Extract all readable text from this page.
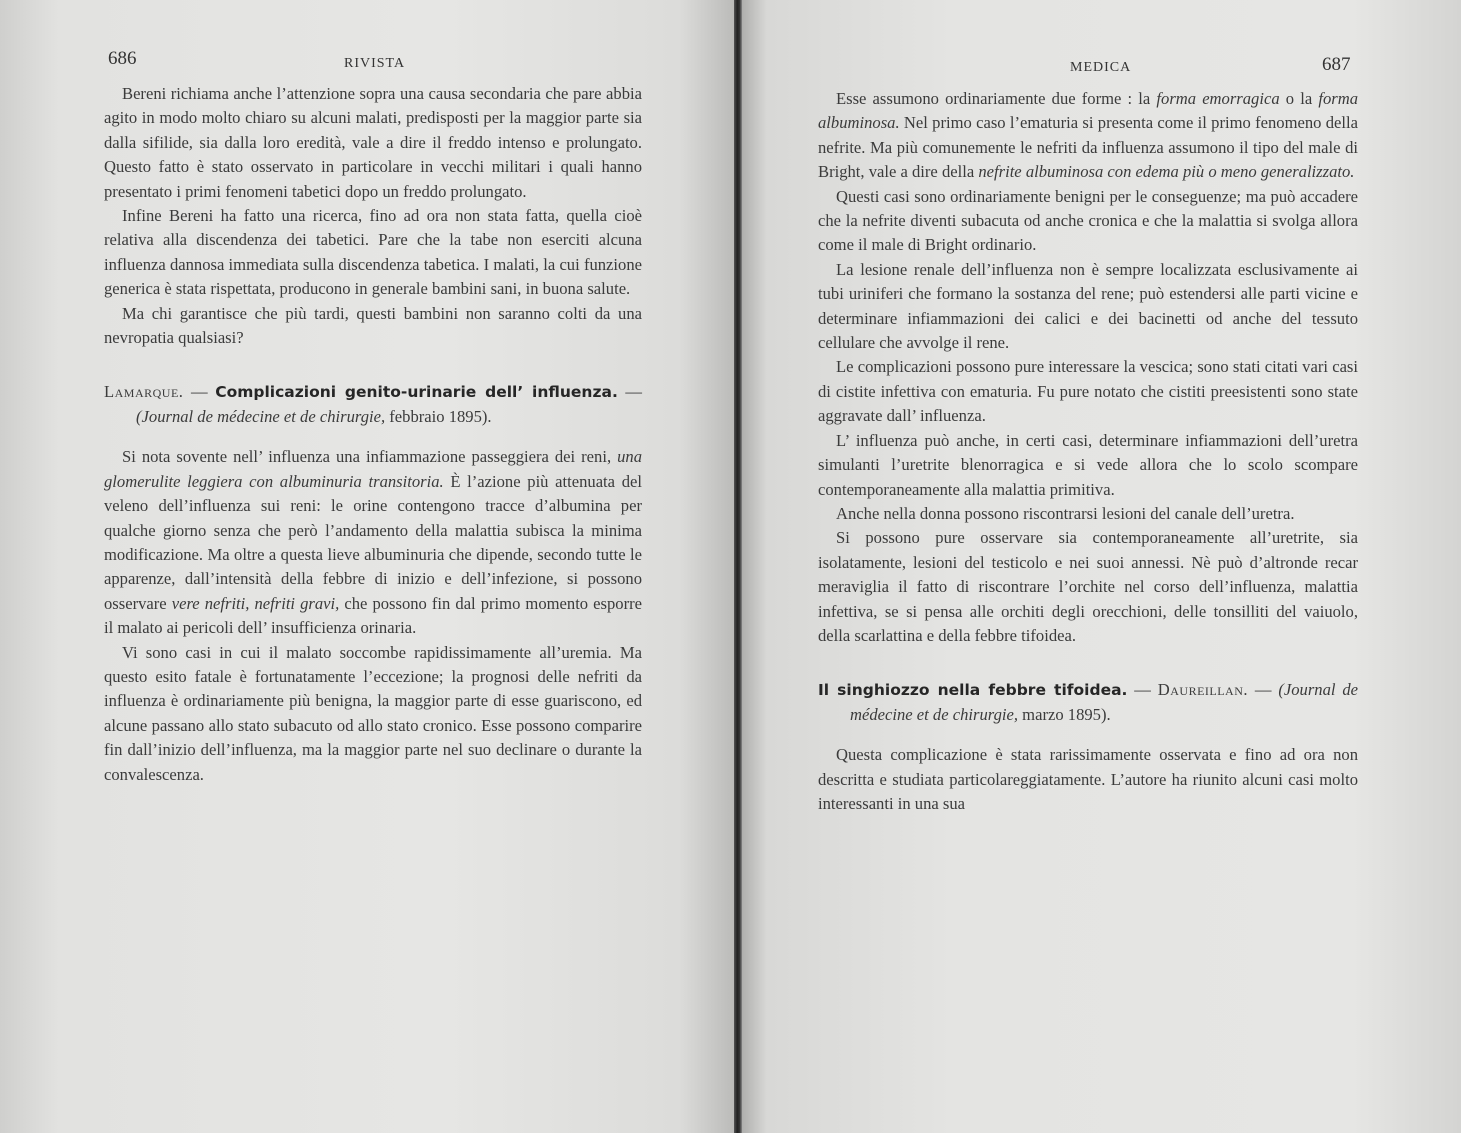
686	RIVISTA

Bereni richiama anche l’attenzione sopra una causa secondaria che pare abbia agito in modo molto chiaro su alcuni malati, predisposti per la maggior parte sia dalla sifilide, sia dalla loro eredità, vale a dire il freddo intenso e prolungato. Questo fatto è stato osservato in particolare in vecchi militari i quali hanno presentato i primi fenomeni tabetici dopo un freddo prolungato.

Infine Bereni ha fatto una ricerca, fino ad ora non stata fatta, quella cioè relativa alla discendenza dei tabetici. Pare che la tabe non eserciti alcuna influenza dannosa immediata sulla discendenza tabetica. I malati, la cui funzione generica è stata rispettata, producono in generale bambini sani, in buona salute.

Ma chi garantisce che più tardi, questi bambini non saranno colti da una nevropatia qualsiasi?

Lamarque. — Complicazioni genito-urinarie dell’ influenza. — (Journal de médecine et de chirurgie, febbraio 1895).

Si nota sovente nell’ influenza una infiammazione passeggiera dei reni, una glomerulite leggiera con albuminuria transitoria. È l’azione più attenuata del veleno dell’influenza sui reni: le orine contengono tracce d’albumina per qualche giorno senza che però l’andamento della malattia subisca la minima modificazione. Ma oltre a questa lieve albuminuria che dipende, secondo tutte le apparenze, dall’intensità della febbre di inizio e dell’infezione, si possono osservare vere nefriti, nefriti gravi, che possono fin dal primo momento esporre il malato ai pericoli dell’ insufficienza orinaria.

Vi sono casi in cui il malato soccombe rapidissimamente all’uremia. Ma questo esito fatale è fortunatamente l’eccezione; la prognosi delle nefriti da influenza è ordinariamente più benigna, la maggior parte di esse guariscono, ed alcune passano allo stato subacuto od allo stato cronico. Esse possono comparire fin dall’inizio dell’influenza, ma la maggior parte nel suo declinare o durante la convalescenza.

MEDICA	687

Esse assumono ordinariamente due forme : la forma emorragica o la forma albuminosa. Nel primo caso l’ematuria si presenta come il primo fenomeno della nefrite. Ma più comunemente le nefriti da influenza assumono il tipo del male di Bright, vale a dire della nefrite albuminosa con edema più o meno generalizzato.

Questi casi sono ordinariamente benigni per le conseguenze; ma può accadere che la nefrite diventi subacuta od anche cronica e che la malattia si svolga allora come il male di Bright ordinario.

La lesione renale dell’influenza non è sempre localizzata esclusivamente ai tubi uriniferi che formano la sostanza del rene; può estendersi alle parti vicine e determinare infiammazioni dei calici e dei bacinetti od anche del tessuto cellulare che avvolge il rene.

Le complicazioni possono pure interessare la vescica; sono stati citati vari casi di cistite infettiva con ematuria. Fu pure notato che cistiti preesistenti sono state aggravate dall’ influenza.

L’ influenza può anche, in certi casi, determinare infiammazioni dell’uretra simulanti l’uretrite blenorragica e si vede allora che lo scolo scompare contemporaneamente alla malattia primitiva.

Anche nella donna possono riscontrarsi lesioni del canale dell’uretra.

Si possono pure osservare sia contemporaneamente all’uretrite, sia isolatamente, lesioni del testicolo e nei suoi annessi. Nè può d’altronde recar meraviglia il fatto di riscontrare l’orchite nel corso dell’influenza, malattia infettiva, se si pensa alle orchiti degli orecchioni, delle tonsilliti del vaiuolo, della scarlattina e della febbre tifoidea.

Il singhiozzo nella febbre tifoidea. — Daureillan. — (Journal de médecine et de chirurgie, marzo 1895).

Questa complicazione è stata rarissimamente osservata e fino ad ora non descritta e studiata particolareggiatamente. L’autore ha riunito alcuni casi molto interessanti in una sua
